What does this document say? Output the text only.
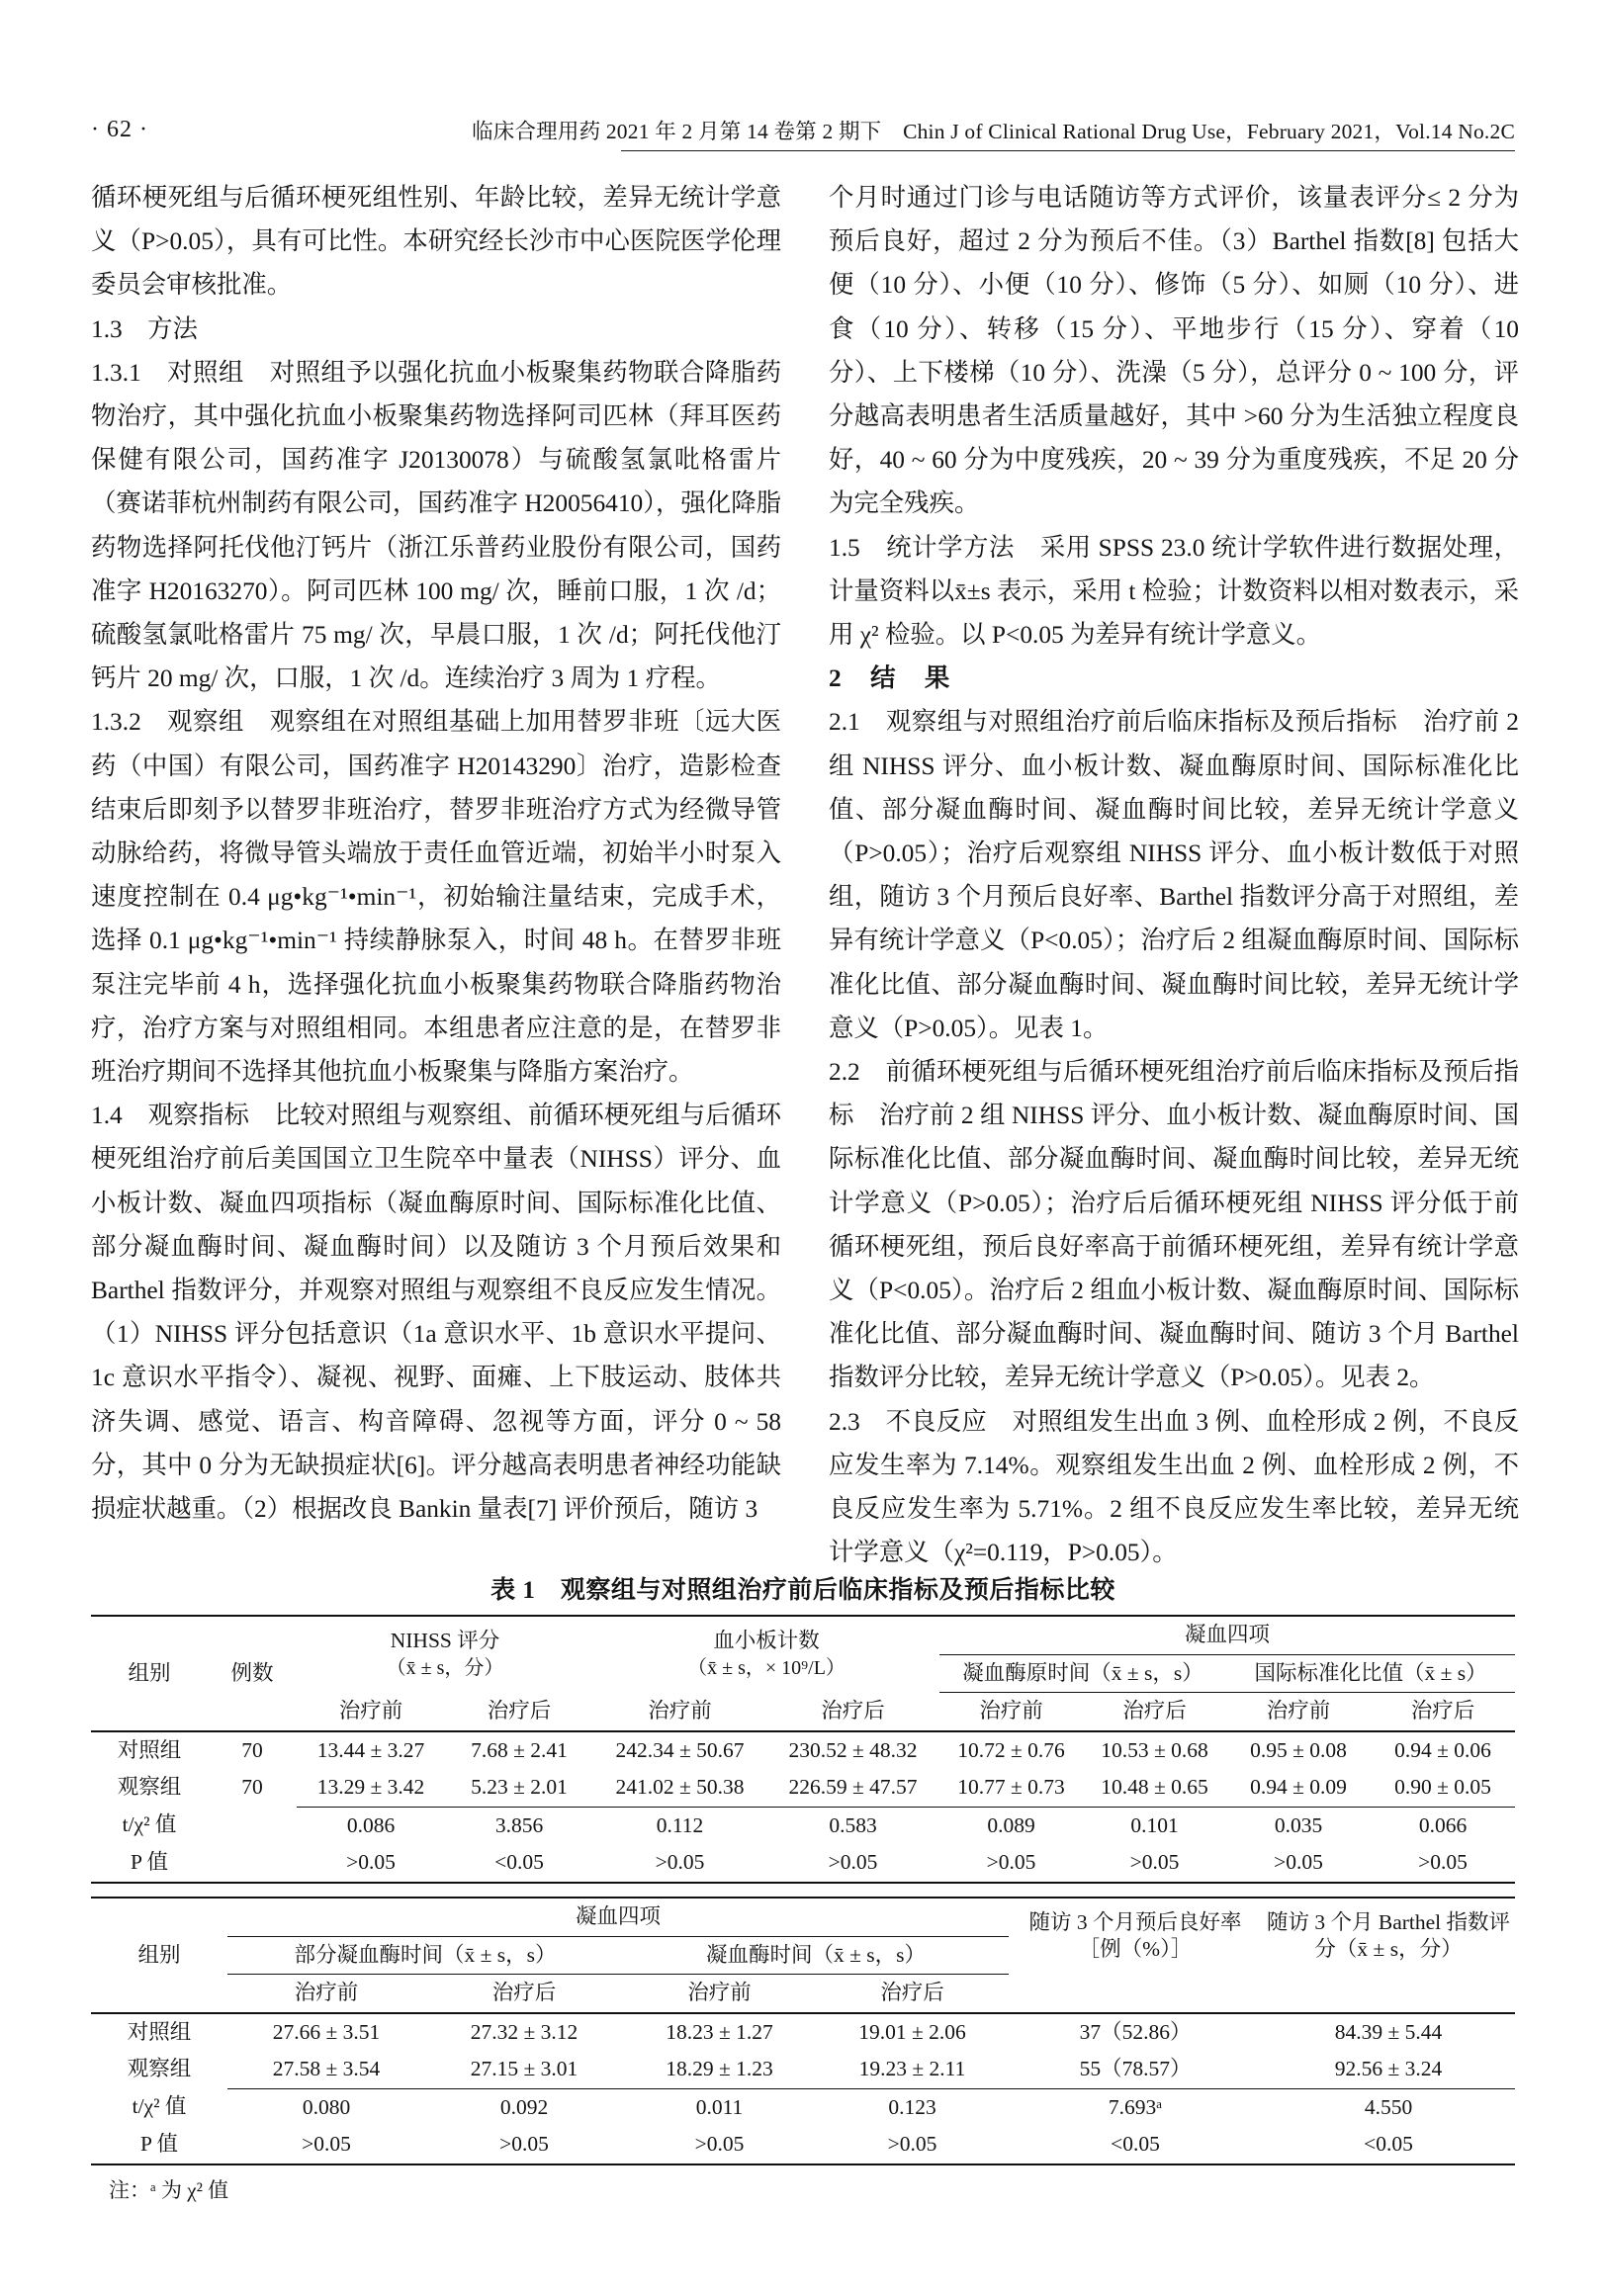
· 62 ·	临床合理用药 2021 年 2 月第 14 卷第 2 期下　Chin J of Clinical Rational Drug Use，February 2021，Vol.14 No.2C

循环梗死组与后循环梗死组性别、年龄比较，差异无统计学意义（P>0.05），具有可比性。本研究经长沙市中心医院医学伦理委员会审核批准。

1.3　方法

1.3.1　对照组　对照组予以强化抗血小板聚集药物联合降脂药物治疗，其中强化抗血小板聚集药物选择阿司匹林（拜耳医药保健有限公司，国药准字 J20130078）与硫酸氢氯吡格雷片（赛诺菲杭州制药有限公司，国药准字 H20056410），强化降脂药物选择阿托伐他汀钙片（浙江乐普药业股份有限公司，国药准字 H20163270）。阿司匹林 100 mg/ 次，睡前口服，1 次 /d；硫酸氢氯吡格雷片 75 mg/ 次，早晨口服，1 次 /d；阿托伐他汀钙片 20 mg/ 次，口服，1 次 /d。连续治疗 3 周为 1 疗程。

1.3.2　观察组　观察组在对照组基础上加用替罗非班〔远大医药（中国）有限公司，国药准字 H20143290〕治疗，造影检查结束后即刻予以替罗非班治疗，替罗非班治疗方式为经微导管动脉给药，将微导管头端放于责任血管近端，初始半小时泵入速度控制在 0.4 μg•kg⁻¹•min⁻¹，初始输注量结束，完成手术，选择 0.1 μg•kg⁻¹•min⁻¹ 持续静脉泵入，时间 48 h。在替罗非班泵注完毕前 4 h，选择强化抗血小板聚集药物联合降脂药物治疗，治疗方案与对照组相同。本组患者应注意的是，在替罗非班治疗期间不选择其他抗血小板聚集与降脂方案治疗。

1.4　观察指标　比较对照组与观察组、前循环梗死组与后循环梗死组治疗前后美国国立卫生院卒中量表（NIHSS）评分、血小板计数、凝血四项指标（凝血酶原时间、国际标准化比值、部分凝血酶时间、凝血酶时间）以及随访 3 个月预后效果和 Barthel 指数评分，并观察对照组与观察组不良反应发生情况。（1）NIHSS 评分包括意识（1a 意识水平、1b 意识水平提问、1c 意识水平指令）、凝视、视野、面瘫、上下肢运动、肢体共济失调、感觉、语言、构音障碍、忽视等方面，评分 0 ~ 58 分，其中 0 分为无缺损症状[6]。评分越高表明患者神经功能缺损症状越重。（2）根据改良 Bankin 量表[7] 评价预后，随访 3

个月时通过门诊与电话随访等方式评价，该量表评分≤ 2 分为预后良好，超过 2 分为预后不佳。（3）Barthel 指数[8] 包括大便（10 分）、小便（10 分）、修饰（5 分）、如厕（10 分）、进食（10 分）、转移（15 分）、平地步行（15 分）、穿着（10 分）、上下楼梯（10 分）、洗澡（5 分），总评分 0 ~ 100 分，评分越高表明患者生活质量越好，其中 >60 分为生活独立程度良好，40 ~ 60 分为中度残疾，20 ~ 39 分为重度残疾，不足 20 分为完全残疾。

1.5　统计学方法　采用 SPSS 23.0 统计学软件进行数据处理，计量资料以x̄±s 表示，采用 t 检验；计数资料以相对数表示，采用 χ² 检验。以 P<0.05 为差异有统计学意义。

2　结　果

2.1　观察组与对照组治疗前后临床指标及预后指标　治疗前 2 组 NIHSS 评分、血小板计数、凝血酶原时间、国际标准化比值、部分凝血酶时间、凝血酶时间比较，差异无统计学意义（P>0.05）；治疗后观察组 NIHSS 评分、血小板计数低于对照组，随访 3 个月预后良好率、Barthel 指数评分高于对照组，差异有统计学意义（P<0.05）；治疗后 2 组凝血酶原时间、国际标准化比值、部分凝血酶时间、凝血酶时间比较，差异无统计学意义（P>0.05）。见表 1。

2.2　前循环梗死组与后循环梗死组治疗前后临床指标及预后指标　治疗前 2 组 NIHSS 评分、血小板计数、凝血酶原时间、国际标准化比值、部分凝血酶时间、凝血酶时间比较，差异无统计学意义（P>0.05）；治疗后后循环梗死组 NIHSS 评分低于前循环梗死组，预后良好率高于前循环梗死组，差异有统计学意义（P<0.05）。治疗后 2 组血小板计数、凝血酶原时间、国际标准化比值、部分凝血酶时间、凝血酶时间、随访 3 个月 Barthel 指数评分比较，差异无统计学意义（P>0.05）。见表 2。

2.3　不良反应　对照组发生出血 3 例、血栓形成 2 例，不良反应发生率为 7.14%。观察组发生出血 2 例、血栓形成 2 例，不良反应发生率为 5.71%。2 组不良反应发生率比较，差异无统计学意义（χ²=0.119，P>0.05）。

表 1　观察组与对照组治疗前后临床指标及预后指标比较
组别	例数	NIHSS 评分
（x̄ ± s，分）		血小板计数
（x̄ ± s，× 10⁹/L）		凝血四项			
						凝血酶原时间（x̄ ± s，s）		国际标准化比值（x̄ ± s）	
		治疗前	治疗后	治疗前	治疗后	治疗前	治疗后	治疗前	治疗后
对照组	70	13.44 ± 3.27	7.68 ± 2.41	242.34 ± 50.67	230.52 ± 48.32	10.72 ± 0.76	10.53 ± 0.68	0.95 ± 0.08	0.94 ± 0.06
观察组	70	13.29 ± 3.42	5.23 ± 2.01	241.02 ± 50.38	226.59 ± 47.57	10.77 ± 0.73	10.48 ± 0.65	0.94 ± 0.09	0.90 ± 0.05
t/χ² 值		0.086	3.856	0.112	0.583	0.089	0.101	0.035	0.066
P 值		>0.05	<0.05	>0.05	>0.05	>0.05	>0.05	>0.05	>0.05
组别	凝血四项				随访 3 个月预后良好率［例（%）］	随访 3 个月 Barthel 指数评分（x̄ ± s，分）
	部分凝血酶时间（x̄ ± s，s）		凝血酶时间（x̄ ± s，s）			
	治疗前	治疗后	治疗前	治疗后		
对照组	27.66 ± 3.51	27.32 ± 3.12	18.23 ± 1.27	19.01 ± 2.06	37（52.86）	84.39 ± 5.44
观察组	27.58 ± 3.54	27.15 ± 3.01	18.29 ± 1.23	19.23 ± 2.11	55（78.57）	92.56 ± 3.24
t/χ² 值	0.080	0.092	0.011	0.123	7.693ᵃ	4.550
P 值	>0.05	>0.05	>0.05	>0.05	<0.05	<0.05
注：ᵃ 为 χ² 值
